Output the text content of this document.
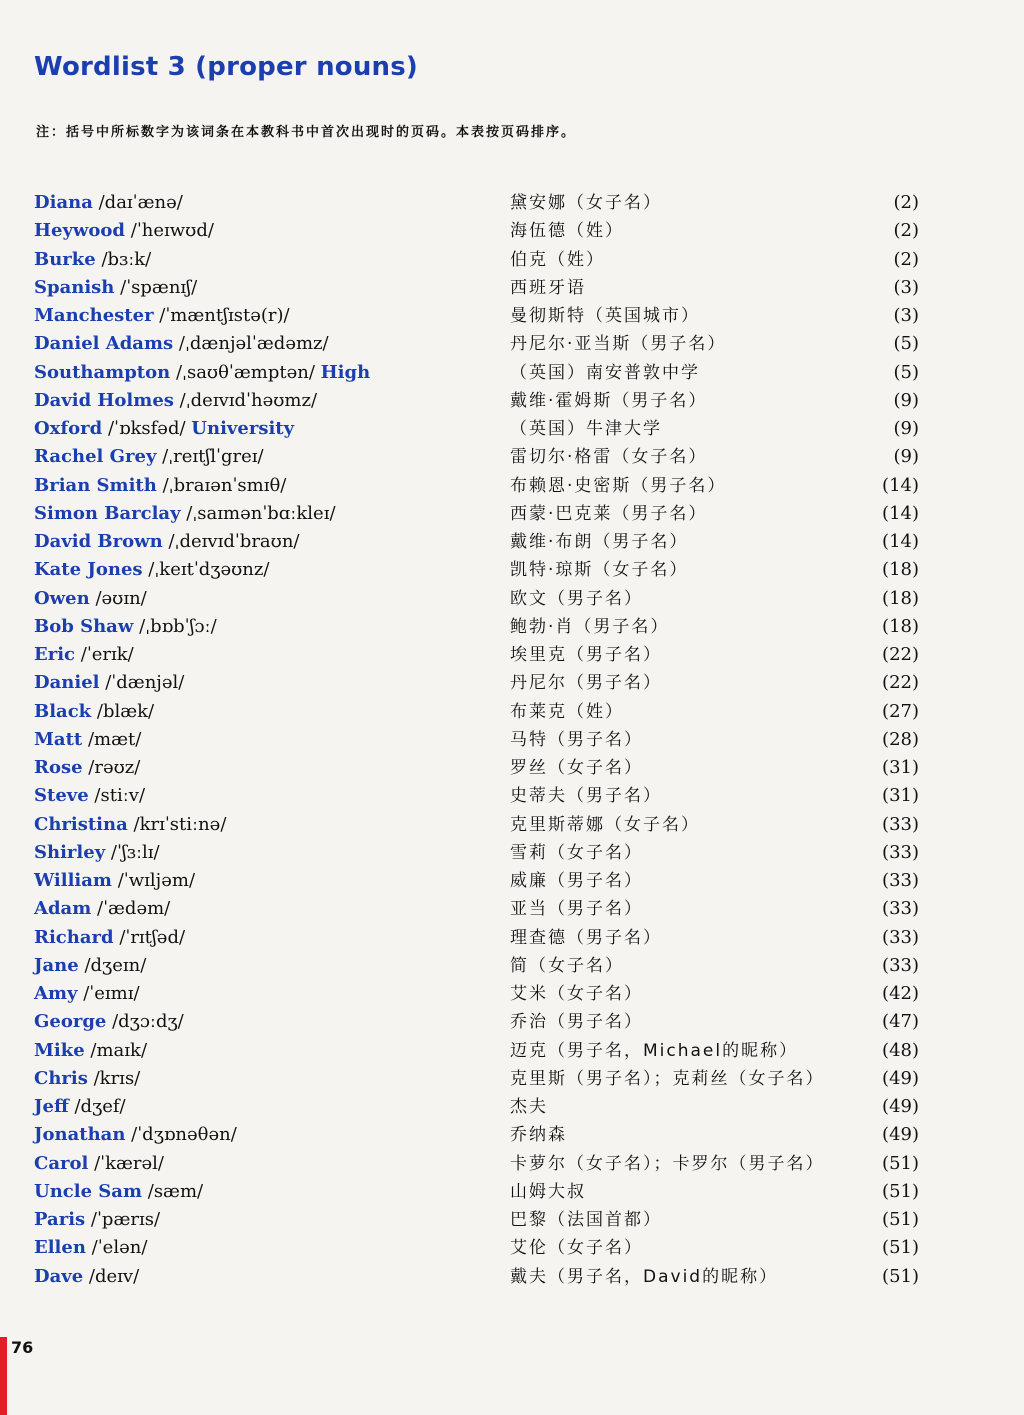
Wordlist 3 (proper nouns)
注：括号中所标数字为该词条在本教科书中首次出现时的页码。本表按页码排序。
Diana /daɪˈænə/	黛安娜（女子名）	(2)
Heywood /ˈheɪwʊd/	海伍德（姓）	(2)
Burke /bɜːk/	伯克（姓）	(2)
Spanish /ˈspænɪʃ/	西班牙语	(3)
Manchester /ˈmæntʃɪstə(r)/	曼彻斯特（英国城市）	(3)
Daniel Adams /ˌdænjəlˈædəmz/	丹尼尔·亚当斯（男子名）	(5)
Southampton /ˌsaʊθˈæmptən/ High	（英国）南安普敦中学	(5)
David Holmes /ˌdeɪvɪdˈhəʊmz/	戴维·霍姆斯（男子名）	(9)
Oxford /ˈɒksfəd/ University	（英国）牛津大学	(9)
Rachel Grey /ˌreɪtʃlˈgreɪ/	雷切尔·格雷（女子名）	(9)
Brian Smith /ˌbraɪənˈsmɪθ/	布赖恩·史密斯（男子名）	(14)
Simon Barclay /ˌsaɪmənˈbɑːkleɪ/	西蒙·巴克莱（男子名）	(14)
David Brown /ˌdeɪvɪdˈbraʊn/	戴维·布朗（男子名）	(14)
Kate Jones /ˌkeɪtˈdʒəʊnz/	凯特·琼斯（女子名）	(18)
Owen /əʊɪn/	欧文（男子名）	(18)
Bob Shaw /ˌbɒbˈʃɔː/	鲍勃·肖（男子名）	(18)
Eric /ˈerɪk/	埃里克（男子名）	(22)
Daniel /ˈdænjəl/	丹尼尔（男子名）	(22)
Black /blæk/	布莱克（姓）	(27)
Matt /mæt/	马特（男子名）	(28)
Rose /rəʊz/	罗丝（女子名）	(31)
Steve /stiːv/	史蒂夫（男子名）	(31)
Christina /krɪˈstiːnə/	克里斯蒂娜（女子名）	(33)
Shirley /ˈʃɜːlɪ/	雪莉（女子名）	(33)
William /ˈwɪljəm/	威廉（男子名）	(33)
Adam /ˈædəm/	亚当（男子名）	(33)
Richard /ˈrɪtʃəd/	理查德（男子名）	(33)
Jane /dʒeɪn/	简（女子名）	(33)
Amy /ˈeɪmɪ/	艾米（女子名）	(42)
George /dʒɔːdʒ/	乔治（男子名）	(47)
Mike /maɪk/	迈克（男子名，Michael的昵称）	(48)
Chris /krɪs/	克里斯（男子名）；克莉丝（女子名）	(49)
Jeff /dʒef/	杰夫	(49)
Jonathan /ˈdʒɒnəθən/	乔纳森	(49)
Carol /ˈkærəl/	卡萝尔（女子名）；卡罗尔（男子名）	(51)
Uncle Sam /sæm/	山姆大叔	(51)
Paris /ˈpærɪs/	巴黎（法国首都）	(51)
Ellen /ˈelən/	艾伦（女子名）	(51)
Dave /deɪv/	戴夫（男子名，David的昵称）	(51)
76
